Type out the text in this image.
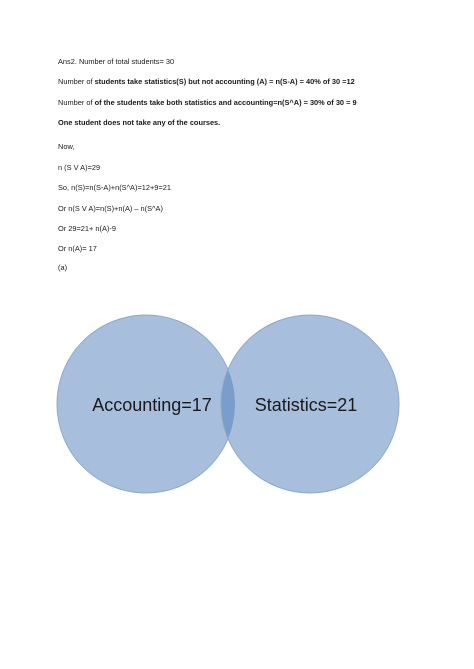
Ans2. Number of total students= 30
Number of students take statistics(S) but not accounting (A) = n(S-A) = 40% of 30 =12
Number of of the students take both statistics and accounting=n(S^A) = 30% of 30 = 9
One student does not take any of the courses.
Now,
n (S V A)=29
So, n(S)=n(S-A)+n(S^A)=12+9=21
Or n(S V A)=n(S)+n(A) – n(S^A)
Or 29=21+ n(A)-9
Or n(A)= 17
(a)
Accounting=17 Statistics=21
